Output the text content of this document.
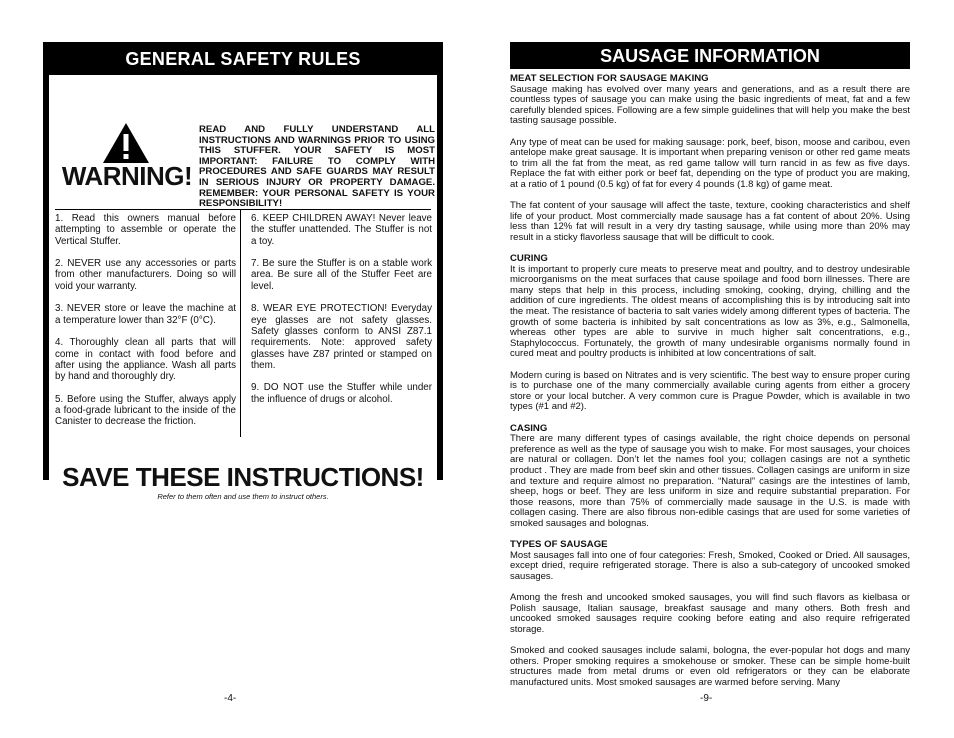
GENERAL SAFETY RULES
WARNING!
READ AND FULLY UNDERSTAND ALL INSTRUCTIONS AND WARNINGS PRIOR TO USING THIS STUFFER. YOUR SAFETY IS MOST IMPORTANT: FAILURE TO COMPLY WITH PROCEDURES AND SAFE GUARDS MAY RESULT IN SERIOUS INJURY OR PROPERTY DAMAGE. REMEMBER: YOUR PERSONAL SAFETY IS YOUR RESPONSIBILITY!

1. Read this owners manual before attempting to assemble or operate the Vertical Stuffer.

2. NEVER use any accessories or parts from other manufacturers. Doing so will void your warranty.

3. NEVER store or leave the machine at a temperature lower than 32°F (0°C).

4. Thoroughly clean all parts that will come in contact with food before and after using the appliance. Wash all parts by hand and thoroughly dry.

5. Before using the Stuffer, always apply a food-grade lubricant to the inside of the Canister to decrease the friction.

6. KEEP CHILDREN AWAY! Never leave the stuffer unattended. The Stuffer is not a toy.

7. Be sure the Stuffer is on a stable work area. Be sure all of the Stuffer Feet are level.

8. WEAR EYE PROTECTION! Everyday eye glasses are not safety glasses. Safety glasses conform to ANSI Z87.1 requirements. Note: approved safety glasses have Z87 printed or stamped on them.

9. DO NOT use the Stuffer while under the influence of drugs or alcohol.

SAVE THESE INSTRUCTIONS!
Refer to them often and use them to instruct others.
-4-
SAUSAGE INFORMATION
MEAT SELECTION FOR SAUSAGE MAKING

Sausage making has evolved over many years and generations, and as a result there are countless types of sausage you can make using the basic ingredients of meat, fat and a few carefully blended spices. Following are a few simple guidelines that will help you make the best tasting sausage possible.

Any type of meat can be used for making sausage: pork, beef, bison, moose and caribou, even antelope make great sausage. It is important when preparing venison or other red game meats to trim all the fat from the meat, as red game tallow will turn rancid in as few as five days. Replace the fat with either pork or beef fat, depending on the type of product you are making, at a ratio of 1 pound (0.5 kg) of fat for every 4 pounds (1.8 kg) of game meat.

The fat content of your sausage will affect the taste, texture, cooking characteristics and shelf life of your product. Most commercially made sausage has a fat content of about 20%. Using less than 12% fat will result in a very dry tasting sausage, while using more than 20% may result in a sticky flavorless sausage that will be difficult to cook.

CURING

It is important to properly cure meats to preserve meat and poultry, and to destroy undesirable microorganisms on the meat surfaces that cause spoilage and food born illnesses. There are many steps that help in this process, including smoking, cooking, drying, chilling and the addition of cure ingredients. The oldest means of accomplishing this is by introducing salt into the meat. The resistance of bacteria to salt varies widely among different types of bacteria. The growth of some bacteria is inhibited by salt concentrations as low as 3%, e.g., Salmonella, whereas other types are able to survive in much higher salt concentrations, e.g., Staphylococcus. Fortunately, the growth of many undesirable organisms normally found in cured meat and poultry products is inhibited at low concentrations of salt.

Modern curing is based on Nitrates and is very scientific. The best way to ensure proper curing is to purchase one of the many commercially available curing agents from either a grocery store or your local butcher. A very common cure is Prague Powder, which is available in two types (#1 and #2).

CASING

There are many different types of casings available, the right choice depends on personal preference as well as the type of sausage you wish to make. For most sausages, your choices are natural or collagen. Don’t let the names fool you; collagen casings are not a synthetic product . They are made from beef skin and other tissues. Collagen casings are uniform in size and texture and require almost no preparation. “Natural” casings are the intestines of lamb, sheep, hogs or beef. They are less uniform in size and require substantial preparation. For those reasons, more than 75% of commercially made sausage in the U.S. is made with collagen casing. There are also fibrous non-edible casings that are used for some varieties of smoked sausages and bolognas.

TYPES OF SAUSAGE

Most sausages fall into one of four categories: Fresh, Smoked, Cooked or Dried. All sausages, except dried, require refrigerated storage. There is also a sub-category of uncooked smoked sausages.

Among the fresh and uncooked smoked sausages, you will find such flavors as kielbasa or Polish sausage, Italian sausage, breakfast sausage and many others. Both fresh and uncooked smoked sausages require cooking before eating and also require refrigerated storage.

Smoked and cooked sausages include salami, bologna, the ever-popular hot dogs and many others. Proper smoking requires a smokehouse or smoker. These can be simple home-built structures made from metal drums or even old refrigerators or they can be elaborate manufactured units. Most smoked sausages are warmed before serving. Many

-9-
